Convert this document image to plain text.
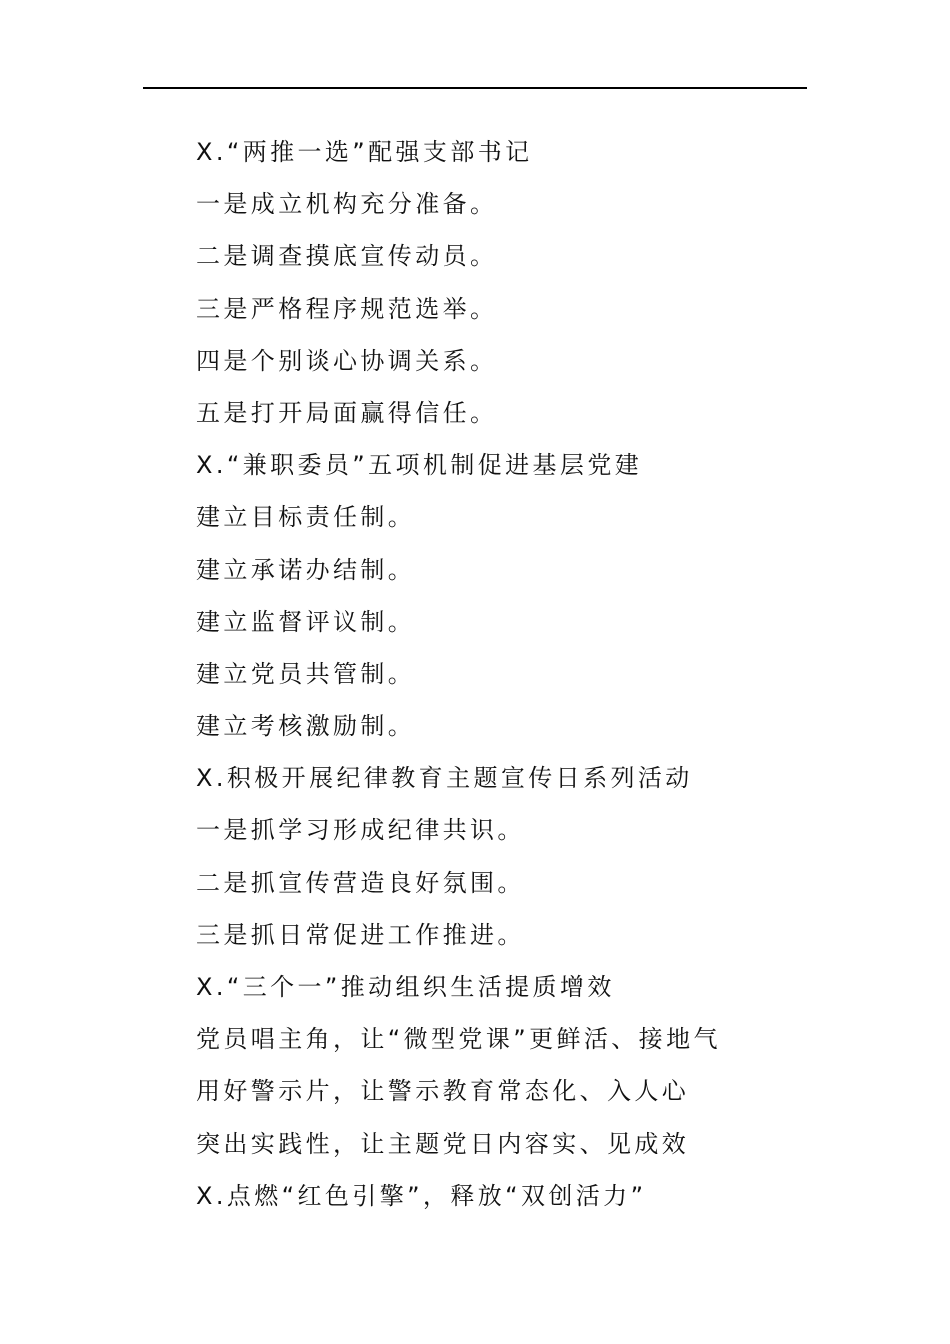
X.“两推一选”配强支部书记
一是成立机构充分准备。
二是调查摸底宣传动员。
三是严格程序规范选举。
四是个别谈心协调关系。
五是打开局面赢得信任。
X.“兼职委员”五项机制促进基层党建
建立目标责任制。
建立承诺办结制。
建立监督评议制。
建立党员共管制。
建立考核激励制。
X.积极开展纪律教育主题宣传日系列活动
一是抓学习形成纪律共识。
二是抓宣传营造良好氛围。
三是抓日常促进工作推进。
X.“三个一”推动组织生活提质增效
党员唱主角，让“微型党课”更鲜活、接地气
用好警示片，让警示教育常态化、入人心
突出实践性，让主题党日内容实、见成效
X.点燃“红色引擎”，释放“双创活力”
